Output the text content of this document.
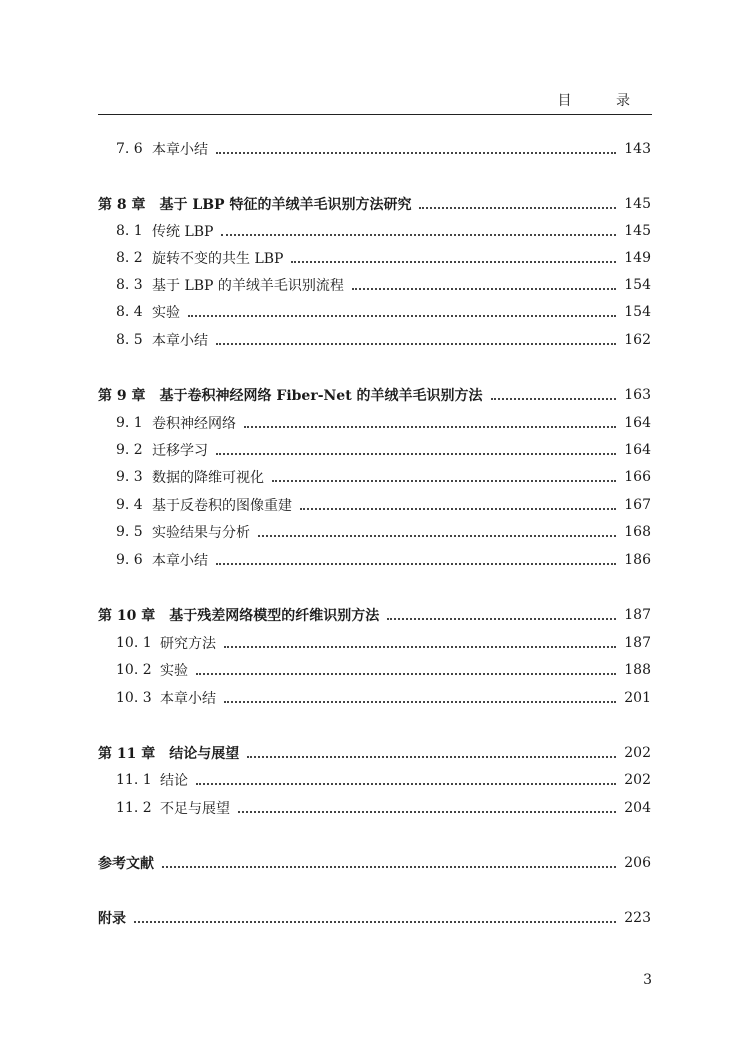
目 录
7. 6 本章小结	143
第 8 章 基于 LBP 特征的羊绒羊毛识别方法研究	145
8. 1 传统 LBP	145
8. 2 旋转不变的共生 LBP	149
8. 3 基于 LBP 的羊绒羊毛识别流程	154
8. 4 实验	154
8. 5 本章小结	162
第 9 章 基于卷积神经网络 Fiber-Net 的羊绒羊毛识别方法	163
9. 1 卷积神经网络	164
9. 2 迁移学习	164
9. 3 数据的降维可视化	166
9. 4 基于反卷积的图像重建	167
9. 5 实验结果与分析	168
9. 6 本章小结	186
第 10 章 基于残差网络模型的纤维识别方法	187
10. 1 研究方法	187
10. 2 实验	188
10. 3 本章小结	201
第 11 章 结论与展望	202
11. 1 结论	202
11. 2 不足与展望	204
参考文献	206
附录	223
3
